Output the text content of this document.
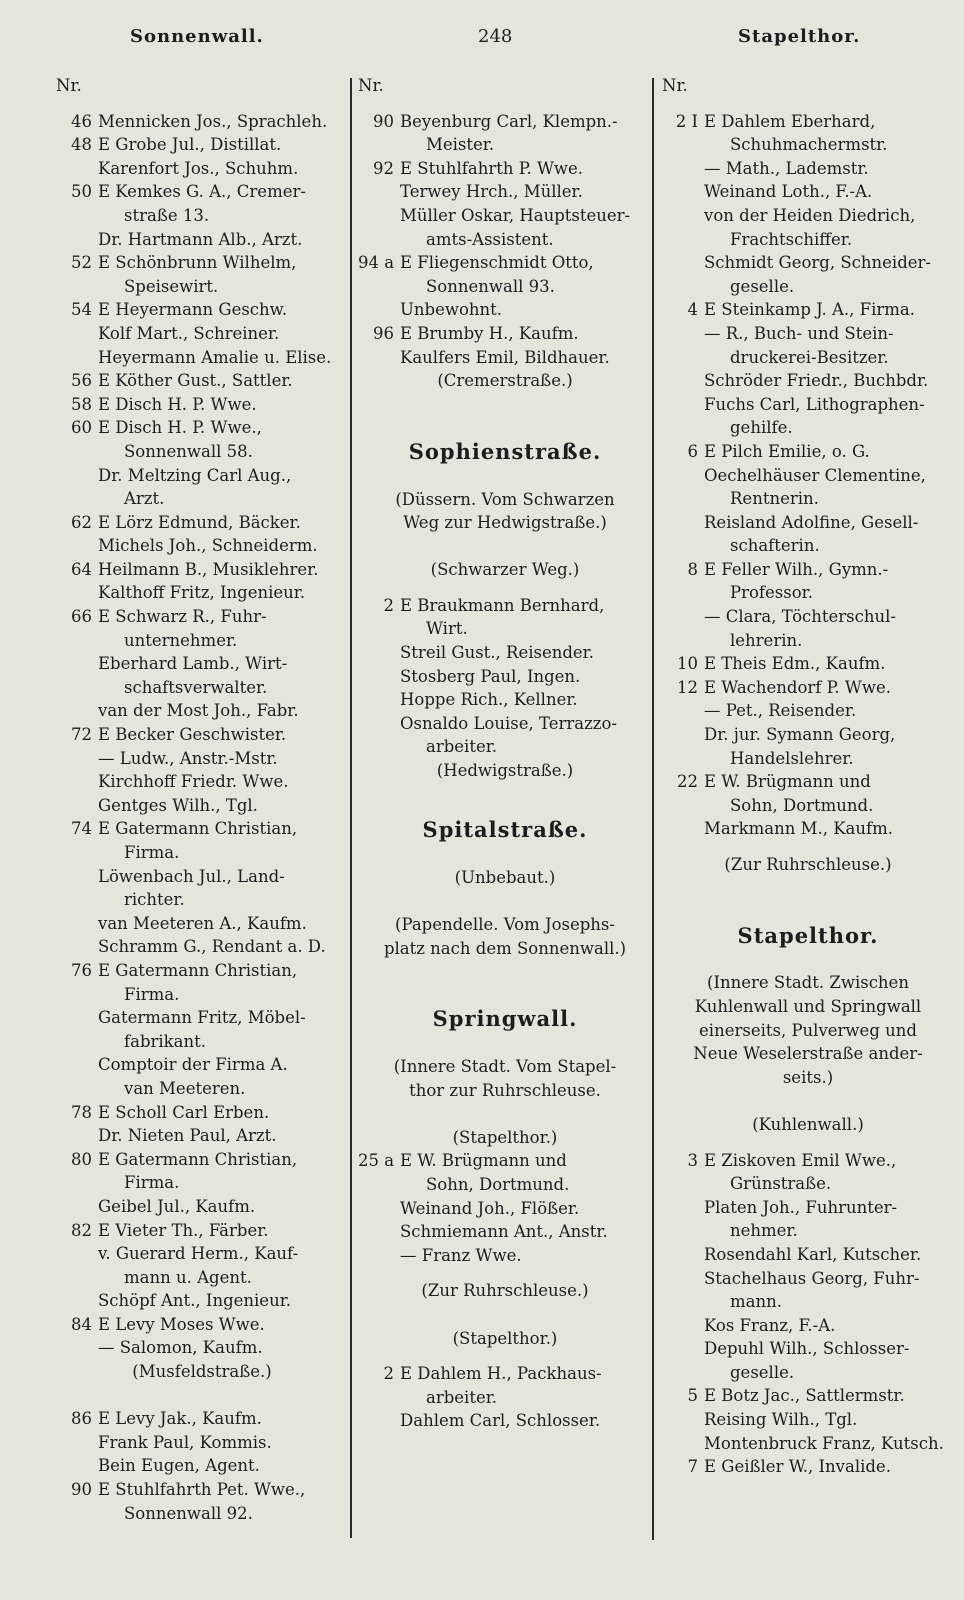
Sonnenwall.	248	Stapelthor.
Nr.
46 Mennicken Jos., Sprachleh.
48 E Grobe Jul., Distillat.
Karenfort Jos., Schuhm.
50 E Kemkes G. A., Cremer-
straße 13.
Dr. Hartmann Alb., Arzt.
52 E Schönbrunn Wilhelm,
Speisewirt.
54 E Heyermann Geschw.
Kolf Mart., Schreiner.
Heyermann Amalie u. Elise.
56 E Köther Gust., Sattler.
58 E Disch H. P. Wwe.
60 E Disch H. P. Wwe.,
Sonnenwall 58.
Dr. Meltzing Carl Aug.,
Arzt.
62 E Lörz Edmund, Bäcker.
Michels Joh., Schneiderm.
64 Heilmann B., Musiklehrer.
Kalthoff Fritz, Ingenieur.
66 E Schwarz R., Fuhr-
unternehmer.
Eberhard Lamb., Wirt-
schaftsverwalter.
van der Most Joh., Fabr.
72 E Becker Geschwister.
— Ludw., Anstr.-Mstr.
Kirchhoff Friedr. Wwe.
Gentges Wilh., Tgl.
74 E Gatermann Christian,
Firma.
Löwenbach Jul., Land-
richter.
van Meeteren A., Kaufm.
Schramm G., Rendant a. D.
76 E Gatermann Christian,
Firma.
Gatermann Fritz, Möbel-
fabrikant.
Comptoir der Firma A.
van Meeteren.
78 E Scholl Carl Erben.
Dr. Nieten Paul, Arzt.
80 E Gatermann Christian,
Firma.
Geibel Jul., Kaufm.
82 E Vieter Th., Färber.
v. Guerard Herm., Kauf-
mann u. Agent.
Schöpf Ant., Ingenieur.
84 E Levy Moses Wwe.
— Salomon, Kaufm.
(Musfeldstraße.)
86 E Levy Jak., Kaufm.
Frank Paul, Kommis.
Bein Eugen, Agent.
90 E Stuhlfahrth Pet. Wwe.,
Sonnenwall 92.
Nr.
90 Beyenburg Carl, Klempn.-
Meister.
92 E Stuhlfahrth P. Wwe.
Terwey Hrch., Müller.
Müller Oskar, Hauptsteuer-
amts-Assistent.
94 a E Fliegenschmidt Otto,
Sonnenwall 93.
Unbewohnt.
96 E Brumby H., Kaufm.
Kaulfers Emil, Bildhauer.
(Cremerstraße.)
Sophienstraße.
(Düssern. Vom Schwarzen
Weg zur Hedwigstraße.)
(Schwarzer Weg.)
2 E Braukmann Bernhard,
Wirt.
Streil Gust., Reisender.
Stosberg Paul, Ingen.
Hoppe Rich., Kellner.
Osnaldo Louise, Terrazzo-
arbeiter.
(Hedwigstraße.)
Spitalstraße.
(Unbebaut.)
(Papendelle. Vom Josephs-
platz nach dem Sonnenwall.)
Springwall.
(Innere Stadt. Vom Stapel-
thor zur Ruhrschleuse.
(Stapelthor.)
25 a E W. Brügmann und
Sohn, Dortmund.
Weinand Joh., Flößer.
Schmiemann Ant., Anstr.
— Franz Wwe.
(Zur Ruhrschleuse.)
(Stapelthor.)
2 E Dahlem H., Packhaus-
arbeiter.
Dahlem Carl, Schlosser.
Nr.
2 I E Dahlem Eberhard,
Schuhmachermstr.
— Math., Lademstr.
Weinand Loth., F.-A.
von der Heiden Diedrich,
Frachtschiffer.
Schmidt Georg, Schneider-
geselle.
4 E Steinkamp J. A., Firma.
— R., Buch- und Stein-
druckerei-Besitzer.
Schröder Friedr., Buchbdr.
Fuchs Carl, Lithographen-
gehilfe.
6 E Pilch Emilie, o. G.
Oechelhäuser Clementine,
Rentnerin.
Reisland Adolfine, Gesell-
schafterin.
8 E Feller Wilh., Gymn.-
Professor.
— Clara, Töchterschul-
lehrerin.
10 E Theis Edm., Kaufm.
12 E Wachendorf P. Wwe.
— Pet., Reisender.
Dr. jur. Symann Georg,
Handelslehrer.
22 E W. Brügmann und
Sohn, Dortmund.
Markmann M., Kaufm.
(Zur Ruhrschleuse.)
Stapelthor.
(Innere Stadt. Zwischen
Kuhlenwall und Springwall
einerseits, Pulverweg und
Neue Weselerstraße ander-
seits.)
(Kuhlenwall.)
3 E Ziskoven Emil Wwe.,
Grünstraße.
Platen Joh., Fuhrunter-
nehmer.
Rosendahl Karl, Kutscher.
Stachelhaus Georg, Fuhr-
mann.
Kos Franz, F.-A.
Depuhl Wilh., Schlosser-
geselle.
5 E Botz Jac., Sattlermstr.
Reising Wilh., Tgl.
Montenbruck Franz, Kutsch.
7 E Geißler W., Invalide.
